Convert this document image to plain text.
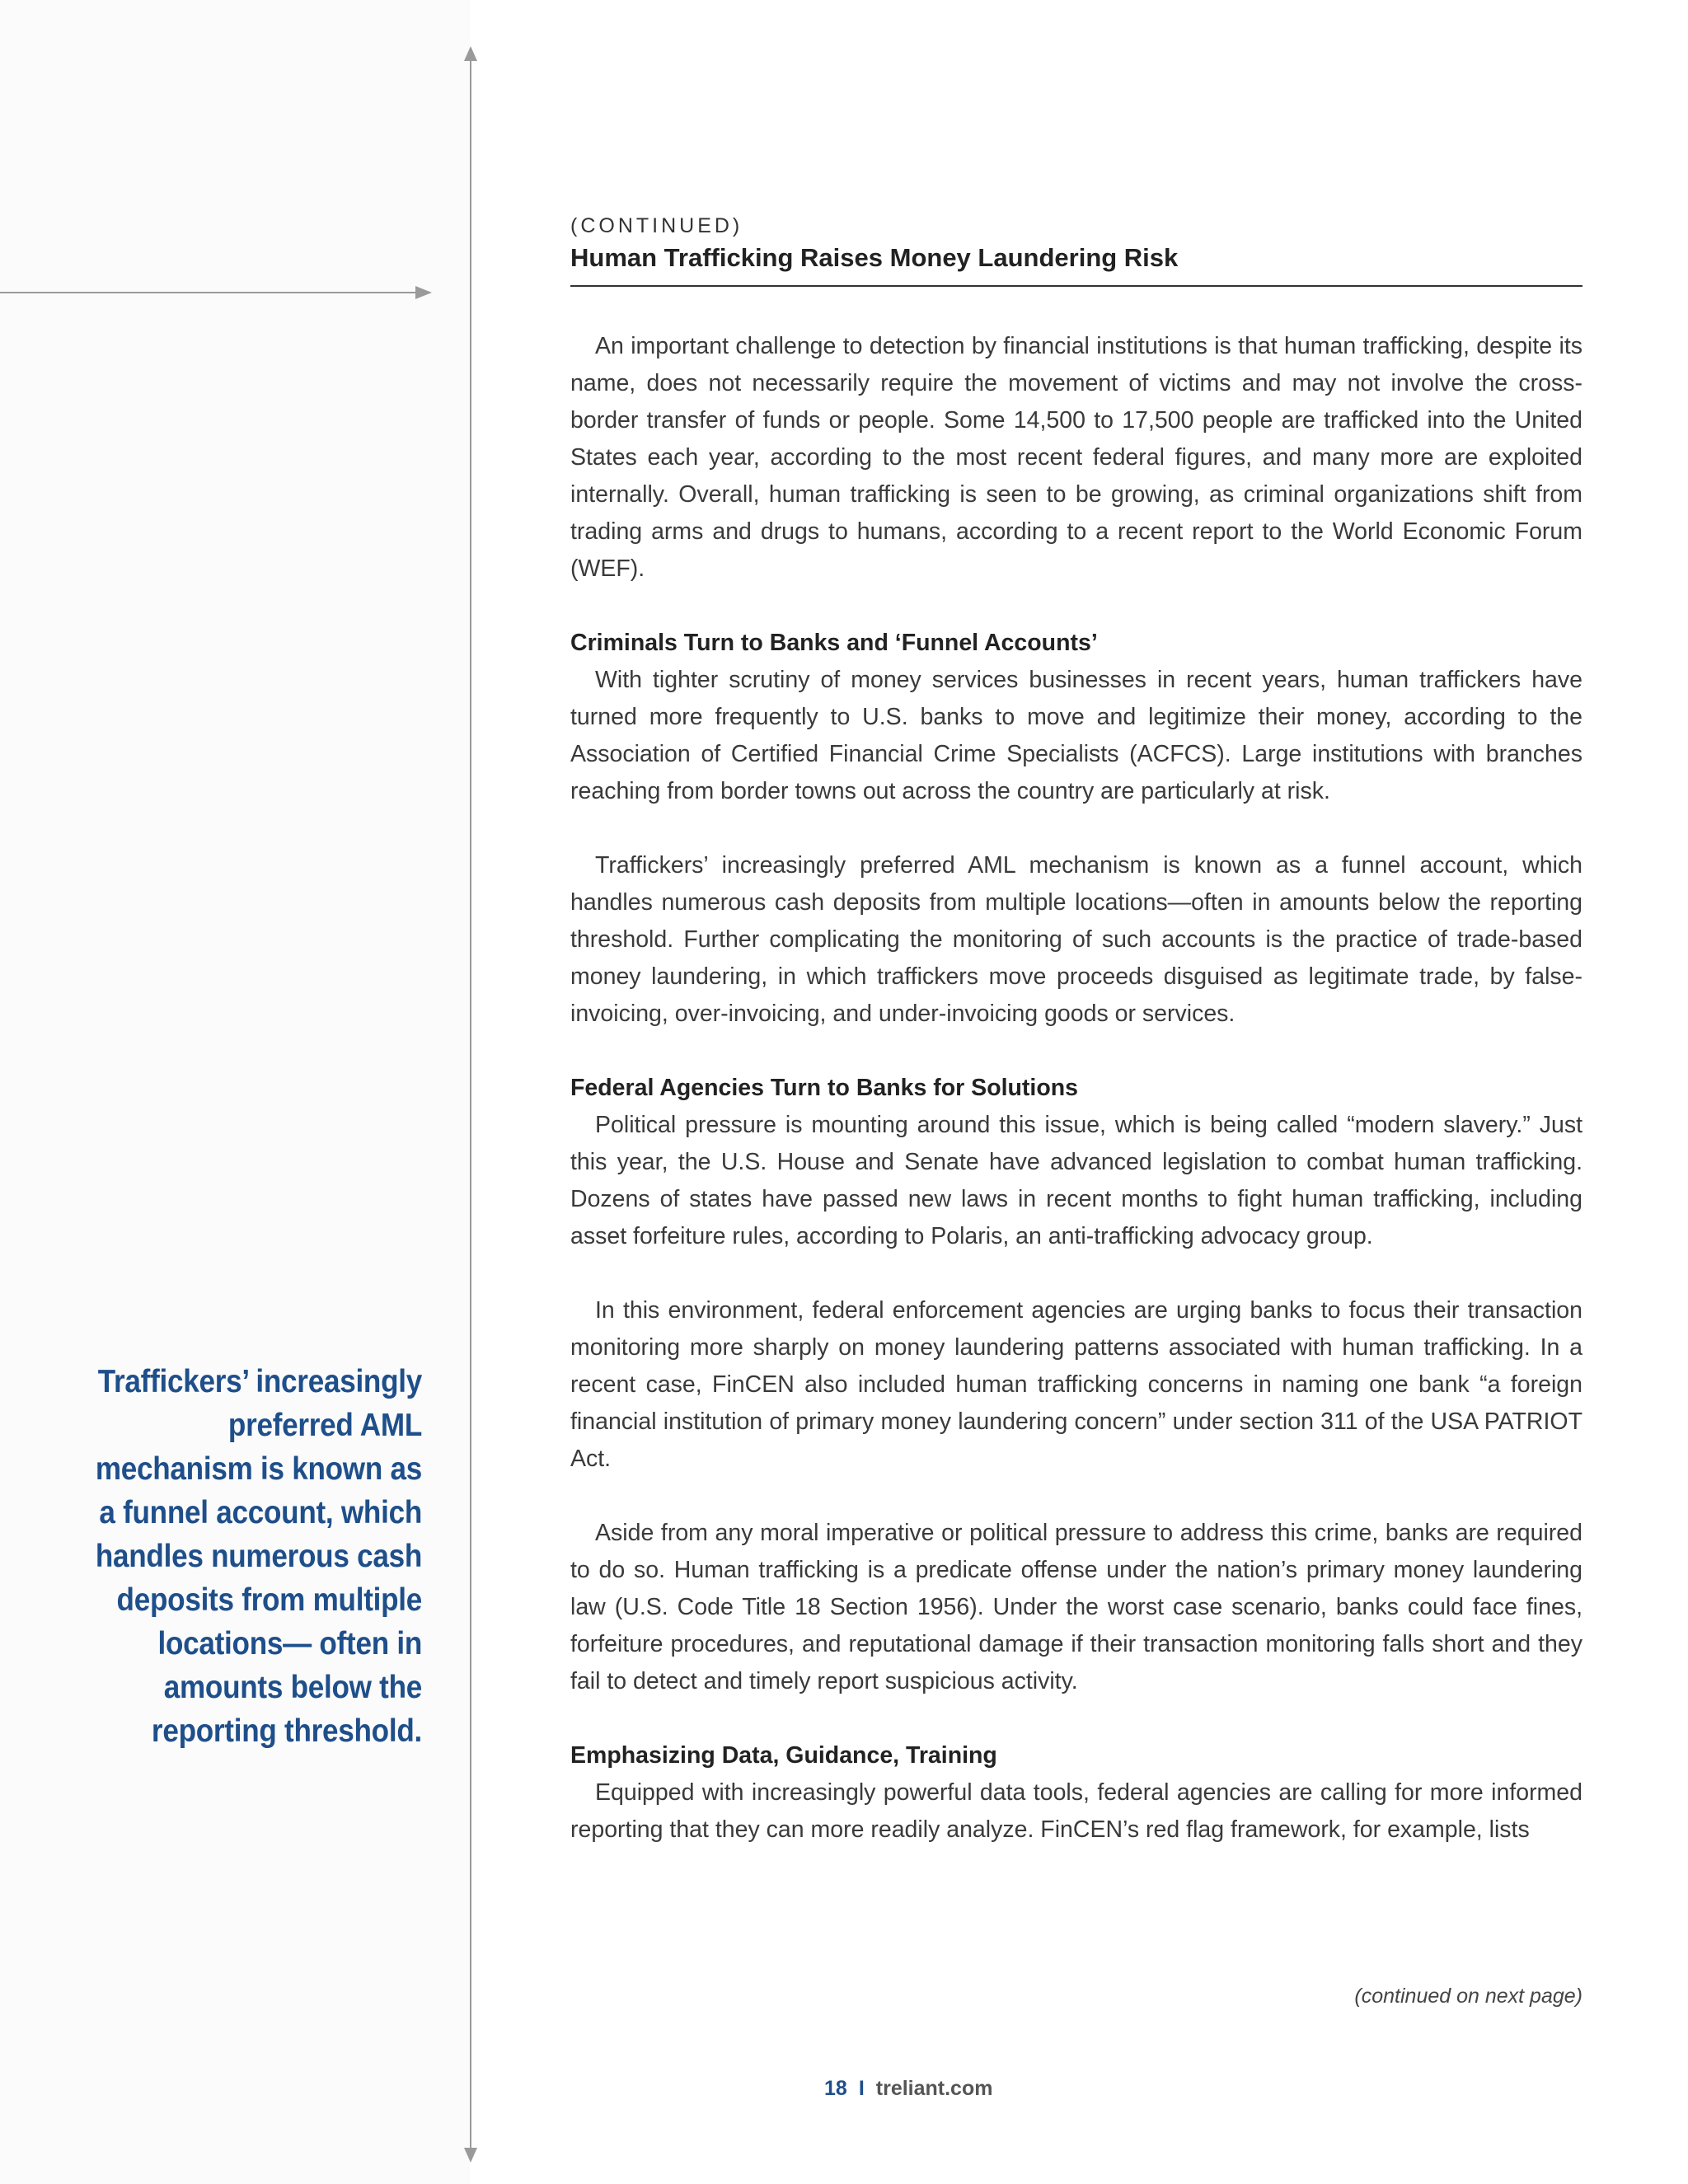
Traffickers’ increasingly preferred AML mechanism is known as a funnel account, which handles numerous cash deposits from multiple locations— often in amounts below the reporting threshold.
(CONTINUED)
Human Trafficking Raises Money Laundering Risk

An important challenge to detection by financial institutions is that human trafficking, despite its name, does not necessarily require the movement of victims and may not involve the cross-border transfer of funds or people. Some 14,500 to 17,500 people are trafficked into the United States each year, according to the most recent federal figures, and many more are exploited internally. Overall, human trafficking is seen to be growing, as criminal organizations shift from trading arms and drugs to humans, according to a recent report to the World Economic Forum (WEF).

Criminals Turn to Banks and ‘Funnel Accounts’

With tighter scrutiny of money services businesses in recent years, human traffickers have turned more frequently to U.S. banks to move and legitimize their money, according to the Association of Certified Financial Crime Specialists (ACFCS). Large institutions with branches reaching from border towns out across the country are particularly at risk.

Traffickers’ increasingly preferred AML mechanism is known as a funnel account, which handles numerous cash deposits from multiple locations—often in amounts below the reporting threshold. Further complicating the monitoring of such accounts is the practice of trade-based money laundering, in which traffickers move proceeds disguised as legitimate trade, by false-invoicing, over-invoicing, and under-invoicing goods or services.

Federal Agencies Turn to Banks for Solutions

Political pressure is mounting around this issue, which is being called “modern slavery.” Just this year, the U.S. House and Senate have advanced legislation to combat human trafficking. Dozens of states have passed new laws in recent months to fight human trafficking, including asset forfeiture rules, according to Polaris, an anti-trafficking advocacy group.

In this environment, federal enforcement agencies are urging banks to focus their transaction monitoring more sharply on money laundering patterns associated with human trafficking. In a recent case, FinCEN also included human trafficking concerns in naming one bank “a foreign financial institution of primary money laundering concern” under section 311 of the USA PATRIOT Act.

Aside from any moral imperative or political pressure to address this crime, banks are required to do so. Human trafficking is a predicate offense under the nation’s primary money laundering law (U.S. Code Title 18 Section 1956). Under the worst case scenario, banks could face fines, forfeiture procedures, and reputational damage if their transaction monitoring falls short and they fail to detect and timely report suspicious activity.

Emphasizing Data, Guidance, Training

Equipped with increasingly powerful data tools, federal agencies are calling for more informed reporting that they can more readily analyze. FinCEN’s red flag framework, for example, lists

(continued on next page)
18 I treliant.com
